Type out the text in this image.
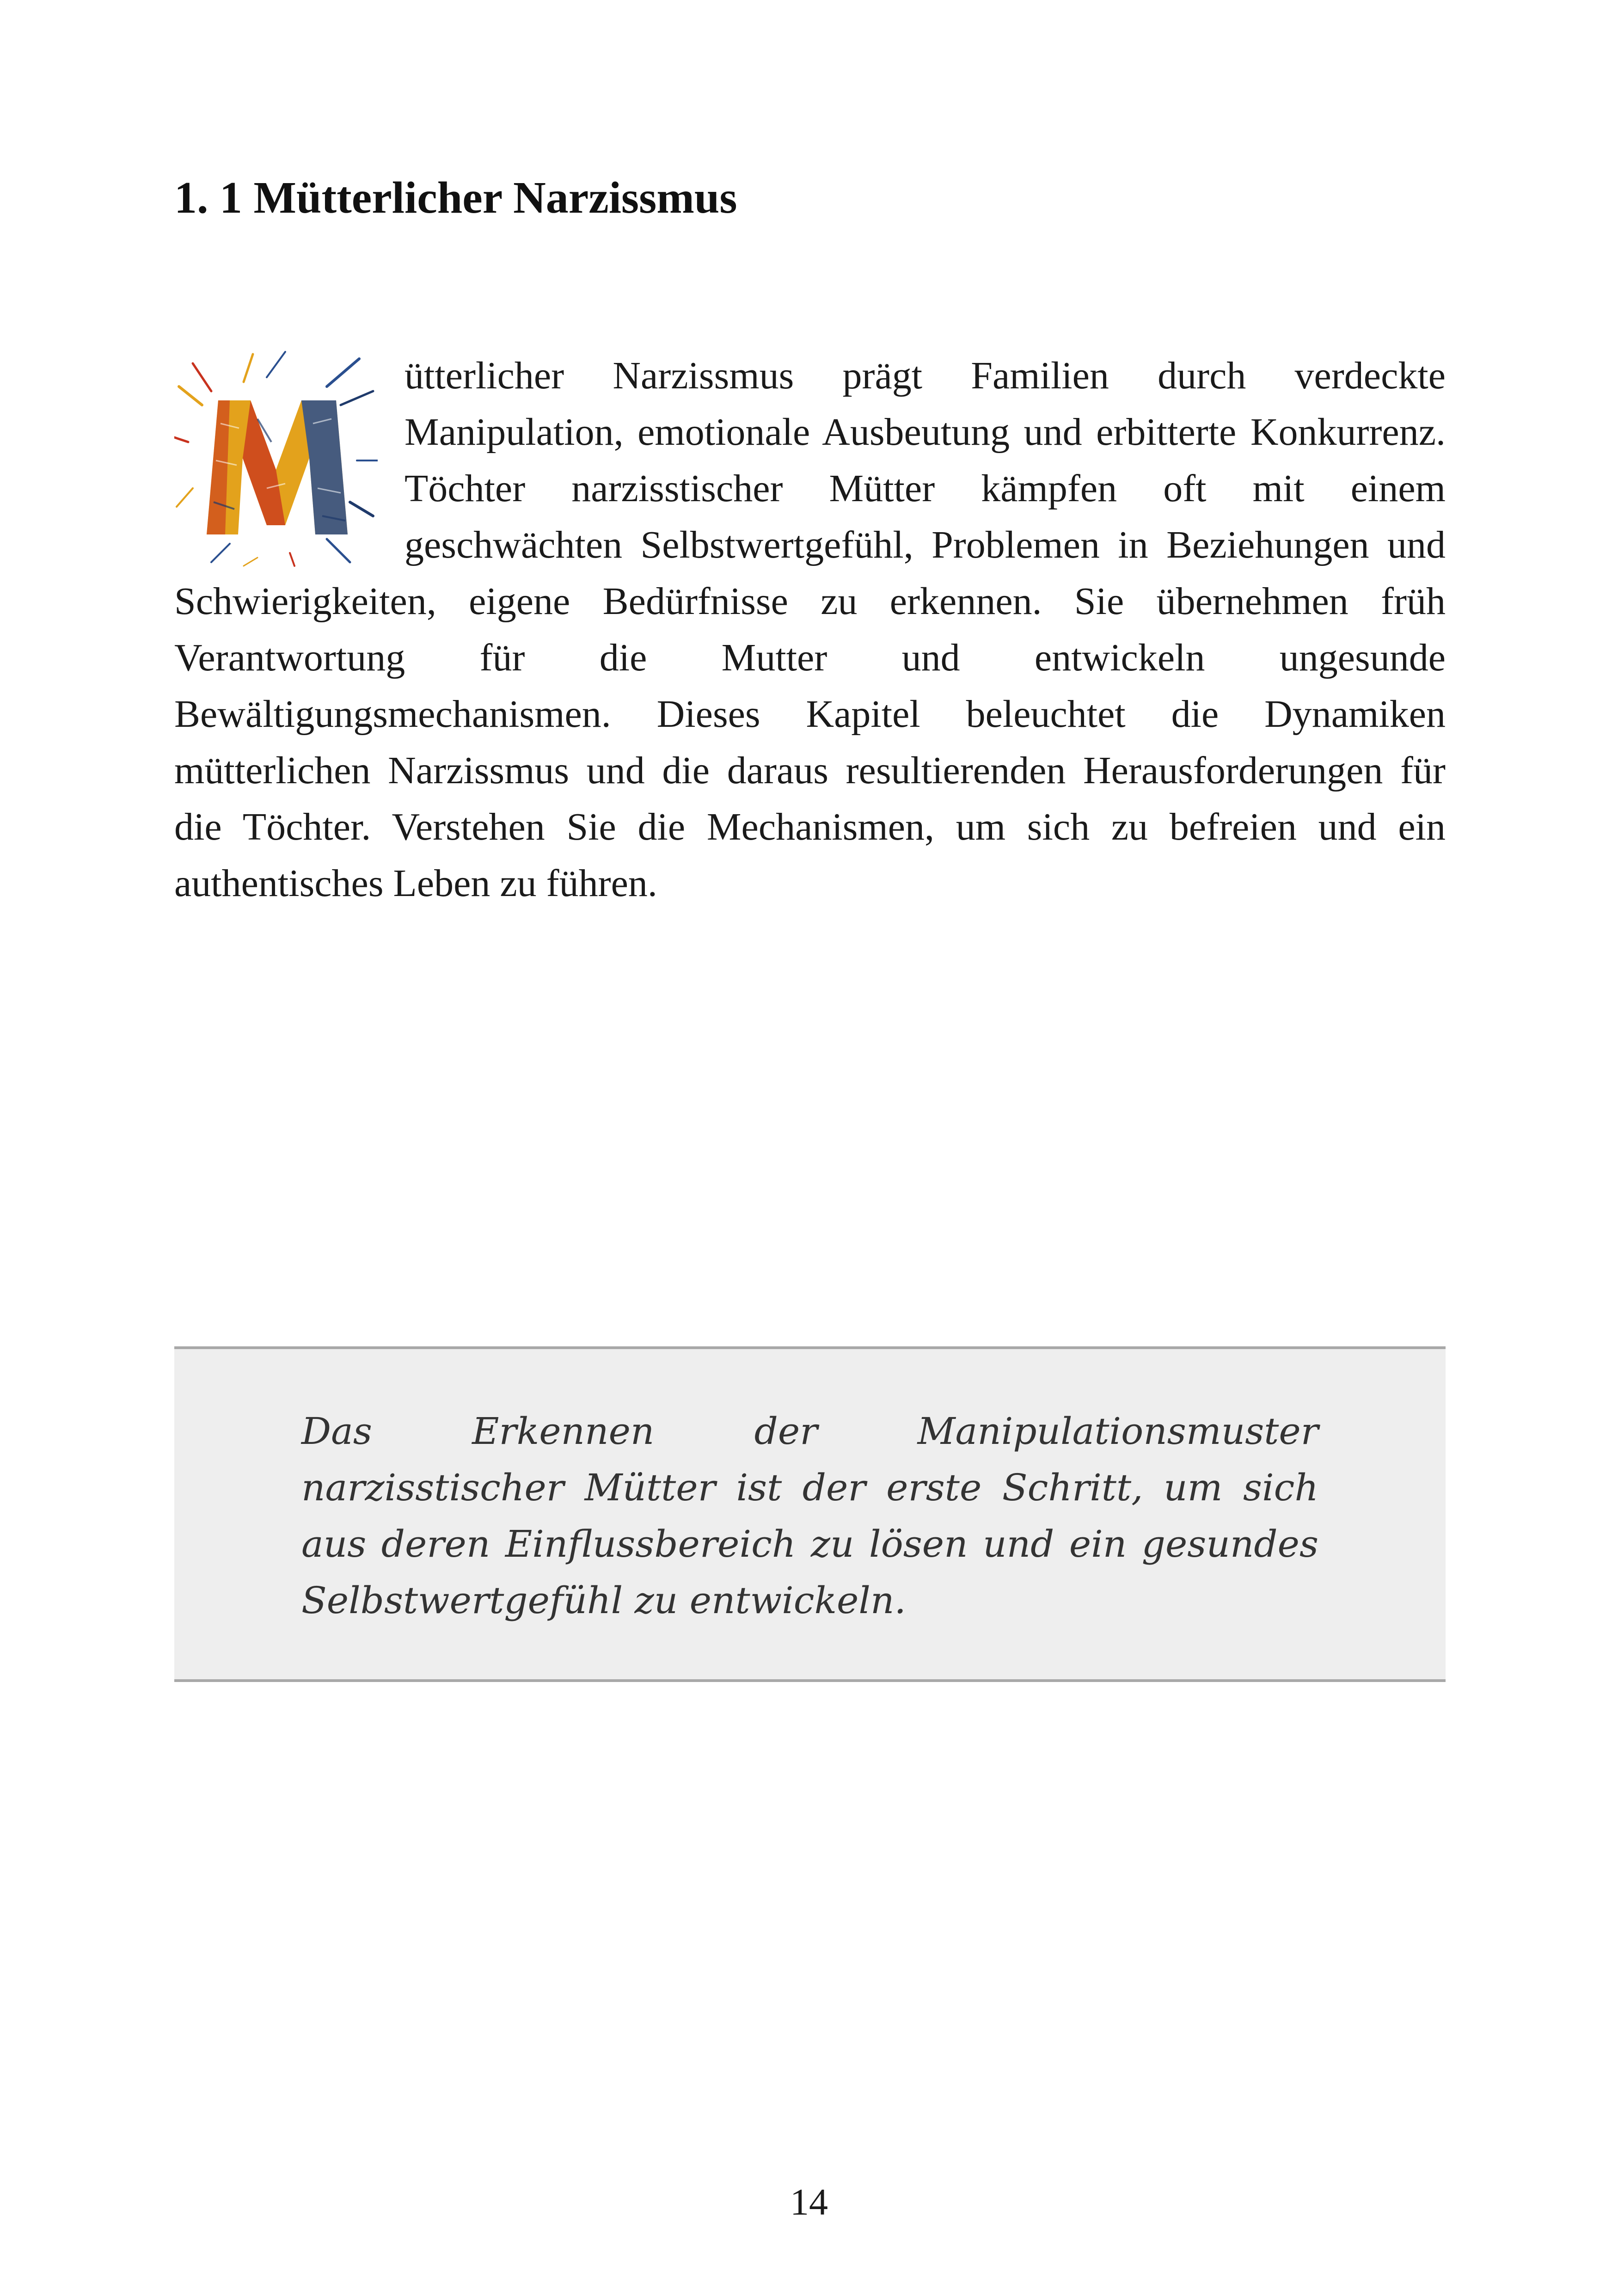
1. 1 Mütterlicher Narzissmus

ütterlicher Narzissmus prägt Familien durch verdeckte Manipulation, emotionale Ausbeutung und erbitterte Konkurrenz. Töchter narzisstischer Mütter kämpfen oft mit einem geschwächten Selbstwertgefühl, Problemen in Beziehungen und Schwierigkeiten, eigene Bedürfnisse zu erkennen. Sie übernehmen früh Verantwortung für die Mutter und entwickeln ungesunde Bewältigungsmechanismen. Dieses Kapitel beleuchtet die Dynamiken mütterlichen Narzissmus und die daraus resultierenden Herausforderungen für die Töchter. Verstehen Sie die Mechanismen, um sich zu befreien und ein authentisches Leben zu führen.

Das Erkennen der Manipulationsmuster narzisstischer Mütter ist der erste Schritt, um sich aus deren Einflussbereich zu lösen und ein gesundes Selbstwertgefühl zu entwickeln.

14
